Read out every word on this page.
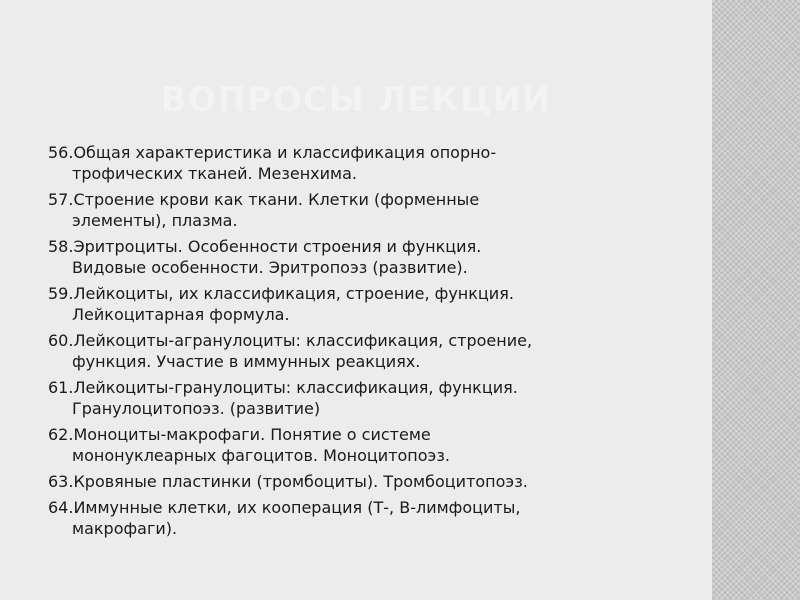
ВОПРОСЫ ЛЕКЦИИ
56.Общая характеристика и классификация опорно-
трофических тканей. Мезенхима.
57.Строение крови как ткани. Клетки (форменные
элементы), плазма.
58.Эритроциты. Особенности строения и функция.
Видовые особенности. Эритропоэз (развитие).
59.Лейкоциты, их классификация, строение, функция.
Лейкоцитарная формула.
60.Лейкоциты-агранулоциты: классификация, строение,
функция. Участие в иммунных реакциях.
61.Лейкоциты-гранулоциты: классификация, функция.
Гранулоцитопоэз. (развитие)
62.Моноциты-макрофаги. Понятие о системе
мононуклеарных фагоцитов. Моноцитопоэз.
63.Кровяные пластинки (тромбоциты). Тромбоцитопоэз.
64.Иммунные клетки, их кооперация (Т-, В-лимфоциты,
макрофаги).
